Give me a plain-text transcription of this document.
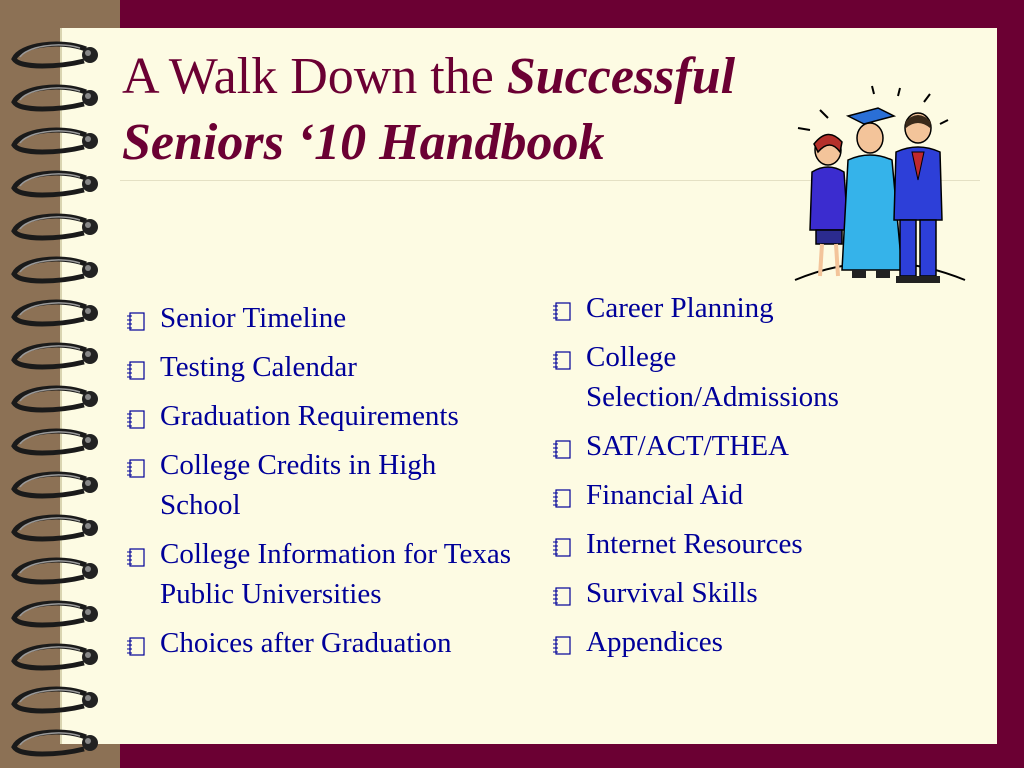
A Walk Down the Successful
Seniors ‘10 Handbook
Senior Timeline
Testing Calendar
Graduation Requirements
College Credits in High School
College Information for Texas Public Universities
Choices after Graduation
Career Planning
College Selection/Admissions
SAT/ACT/THEA
Financial Aid
Internet Resources
Survival Skills
Appendices
